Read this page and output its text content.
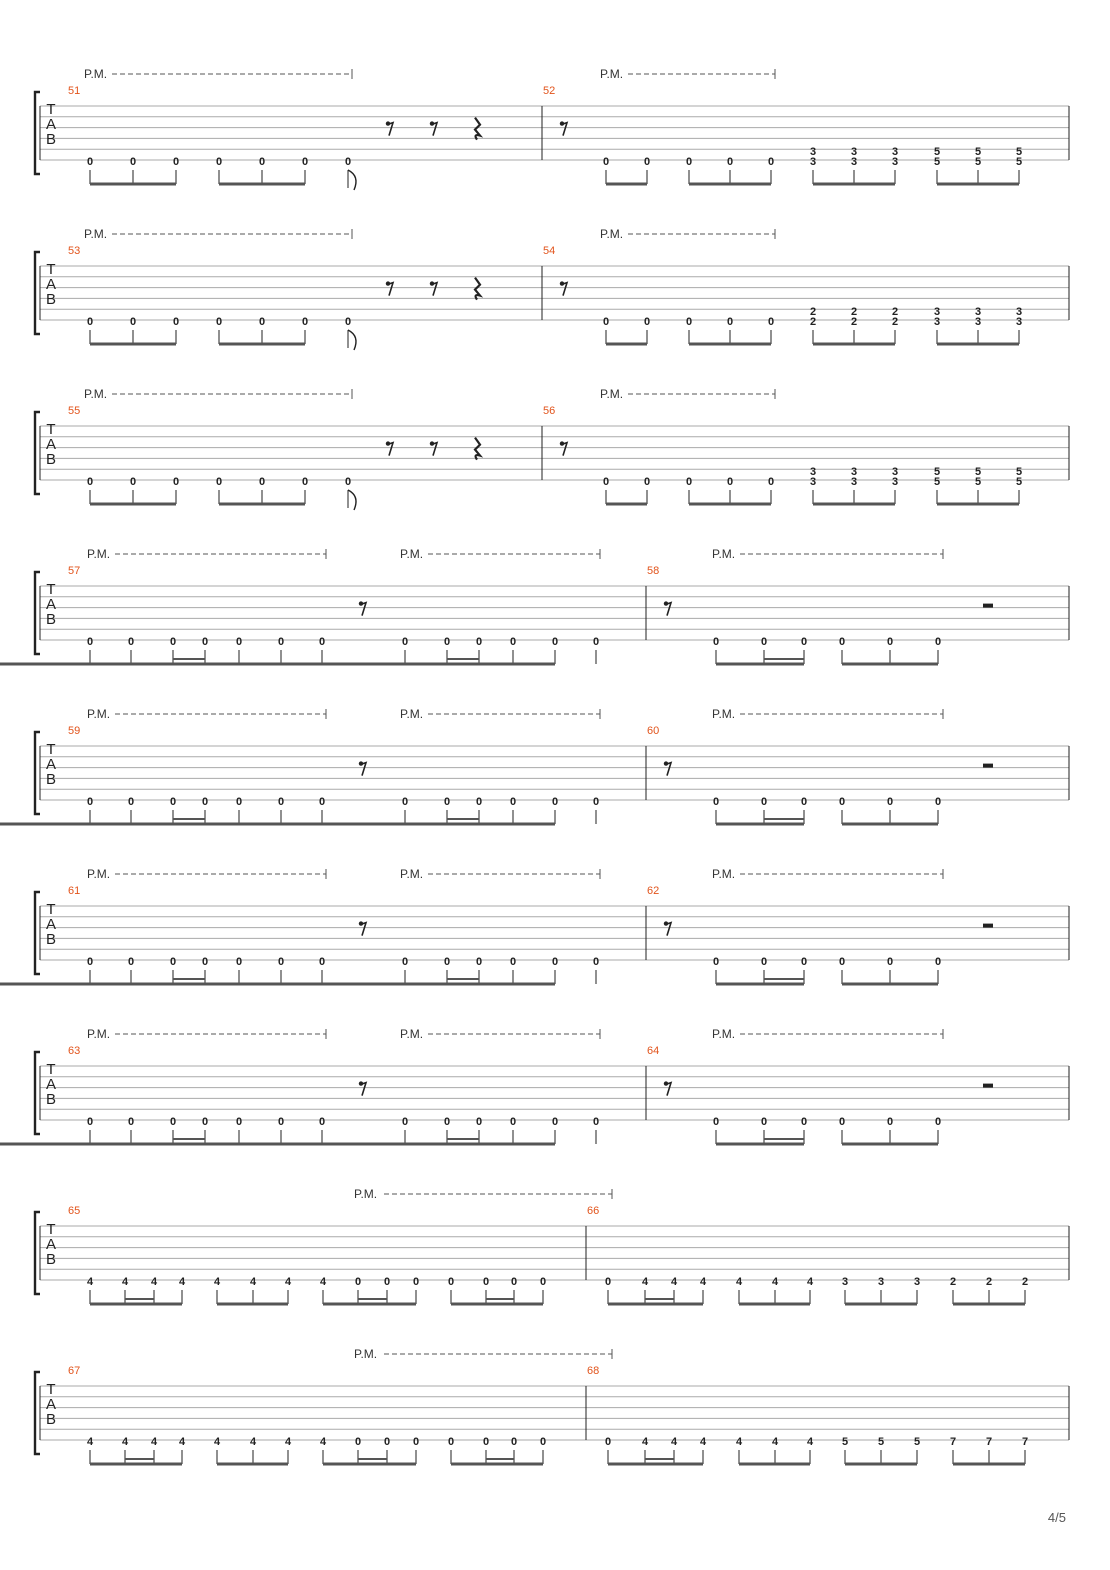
T
A
B
51	52
0	0	0	0	0	0	0
P.M.
0	0	0	0	0
3
3
3
3
3
3
5
5
5
5
5
5
P.M.
T
A
B
53	54
0	0	0	0	0	0	0
P.M.
0	0	0	0	0
2
2
2
2
2
2
3
3
3
3
3
3
P.M.
T
A
B
55	56
0	0	0	0	0	0	0
P.M.
0	0	0	0	0
3
3
3
3
3
3
5
5
5
5
5
5
P.M.
T
A
B
57	58
0	0	0 0	0	0	0	0	0 0	0	0	0
P.M.	P.M.
0	0	0	0	0	0
P.M.
T
A
B
59	60
0	0	0 0	0	0	0	0	0 0	0	0	0
P.M.	P.M.
0	0	0	0	0	0
P.M.
T
A
B
61	62
0	0	0 0	0	0	0	0	0 0	0	0	0
P.M.	P.M.
0	0	0	0	0	0
P.M.
T
A
B
63	64
0	0	0 0	0	0	0	0	0 0	0	0	0
P.M.	P.M.
0	0	0	0	0	0
P.M.
T
A
B
65	66
4	4 4 4	4	4	4	4	0 0 0	0	0 0 0
P.M.
0	4 4 4	4	4	4	3	3	3	2	2	2
T
A
B
67	68
4	4 4 4	4	4	4	4	0 0 0	0	0 0 0
P.M.
0	4 4 4	4	4	4	5	5	5	7	7	7
4/5
